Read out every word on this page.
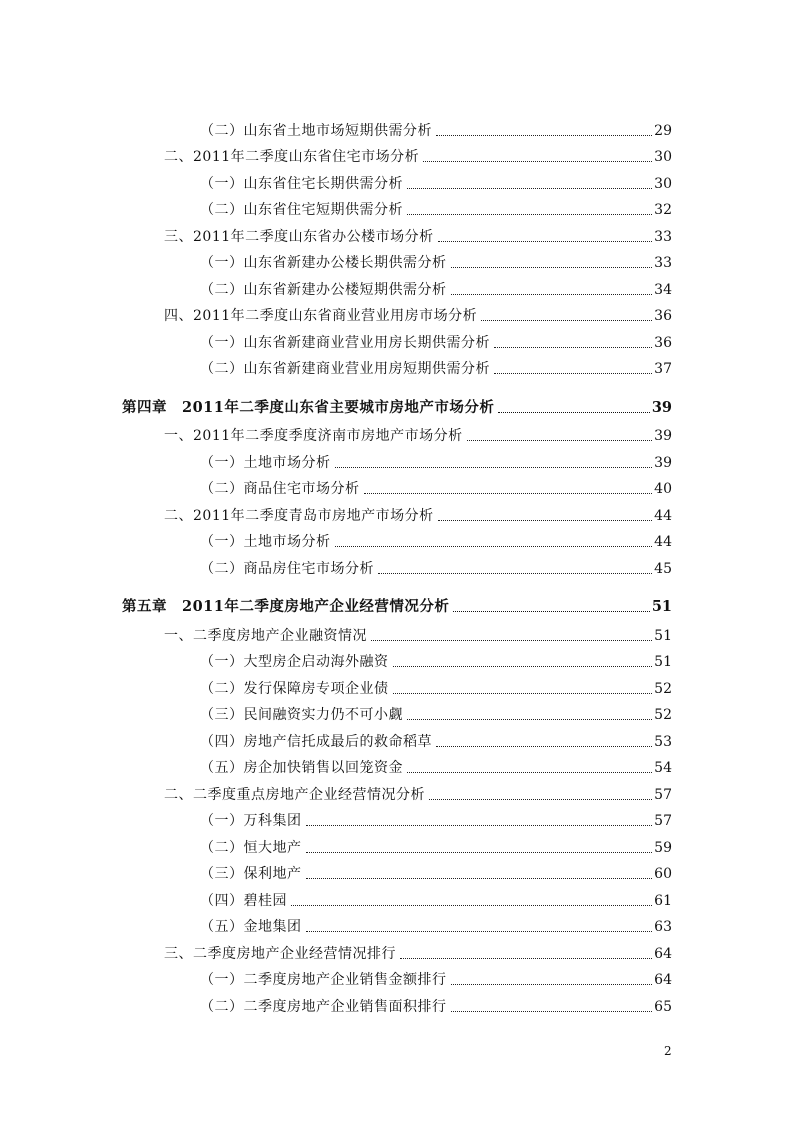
（二）山东省土地市场短期供需分析	29
二、2011年二季度山东省住宅市场分析	30
（一）山东省住宅长期供需分析	30
（二）山东省住宅短期供需分析	32
三、2011年二季度山东省办公楼市场分析	33
（一）山东省新建办公楼长期供需分析	33
（二）山东省新建办公楼短期供需分析	34
四、2011年二季度山东省商业营业用房市场分析	36
（一）山东省新建商业营业用房长期供需分析	36
（二）山东省新建商业营业用房短期供需分析	37
第四章　2011年二季度山东省主要城市房地产市场分析	39
一、2011年二季度季度济南市房地产市场分析	39
（一）土地市场分析	39
（二）商品住宅市场分析	40
二、2011年二季度青岛市房地产市场分析	44
（一）土地市场分析	44
（二）商品房住宅市场分析	45
第五章　2011年二季度房地产企业经营情况分析	51
一、二季度房地产企业融资情况	51
（一）大型房企启动海外融资	51
（二）发行保障房专项企业债	52
（三）民间融资实力仍不可小觑	52
（四）房地产信托成最后的救命稻草	53
（五）房企加快销售以回笼资金	54
二、二季度重点房地产企业经营情况分析	57
（一）万科集团	57
（二）恒大地产	59
（三）保利地产	60
（四）碧桂园	61
（五）金地集团	63
三、二季度房地产企业经营情况排行	64
（一）二季度房地产企业销售金额排行	64
（二）二季度房地产企业销售面积排行	65
2
